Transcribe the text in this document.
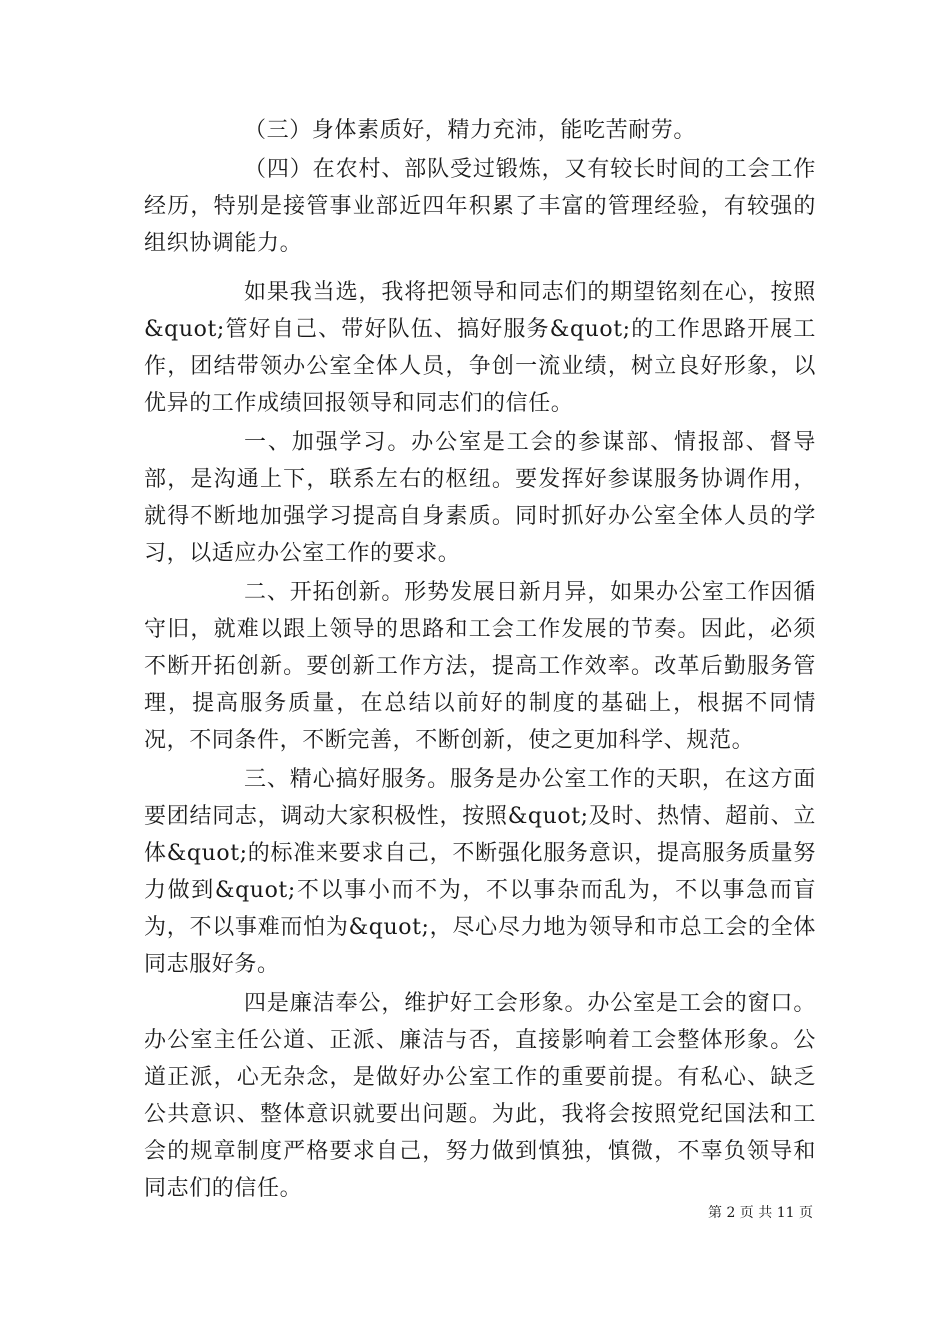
（三）身体素质好，精力充沛，能吃苦耐劳。

（四）在农村、部队受过锻炼，又有较长时间的工会工作经历，特别是接管事业部近四年积累了丰富的管理经验，有较强的组织协调能力。

如果我当选，我将把领导和同志们的期望铭刻在心，按照&quot;管好自己、带好队伍、搞好服务&quot;的工作思路开展工作，团结带领办公室全体人员，争创一流业绩，树立良好形象，以优异的工作成绩回报领导和同志们的信任。

一、加强学习。办公室是工会的参谋部、情报部、督导部，是沟通上下，联系左右的枢纽。要发挥好参谋服务协调作用，就得不断地加强学习提高自身素质。同时抓好办公室全体人员的学习，以适应办公室工作的要求。

二、开拓创新。形势发展日新月异，如果办公室工作因循守旧，就难以跟上领导的思路和工会工作发展的节奏。因此，必须不断开拓创新。要创新工作方法，提高工作效率。改革后勤服务管理，提高服务质量，在总结以前好的制度的基础上，根据不同情况，不同条件，不断完善，不断创新，使之更加科学、规范。

三、精心搞好服务。服务是办公室工作的天职，在这方面要团结同志，调动大家积极性，按照&quot;及时、热情、超前、立体&quot;的标准来要求自己，不断强化服务意识，提高服务质量努力做到&quot;不以事小而不为，不以事杂而乱为，不以事急而盲为，不以事难而怕为&quot;，尽心尽力地为领导和市总工会的全体同志服好务。

四是廉洁奉公，维护好工会形象。办公室是工会的窗口。办公室主任公道、正派、廉洁与否，直接影响着工会整体形象。公道正派，心无杂念，是做好办公室工作的重要前提。有私心、缺乏公共意识、整体意识就要出问题。为此，我将会按照党纪国法和工会的规章制度严格要求自己，努力做到慎独，慎微，不辜负领导和同志们的信任。

第 2 页 共 11 页
